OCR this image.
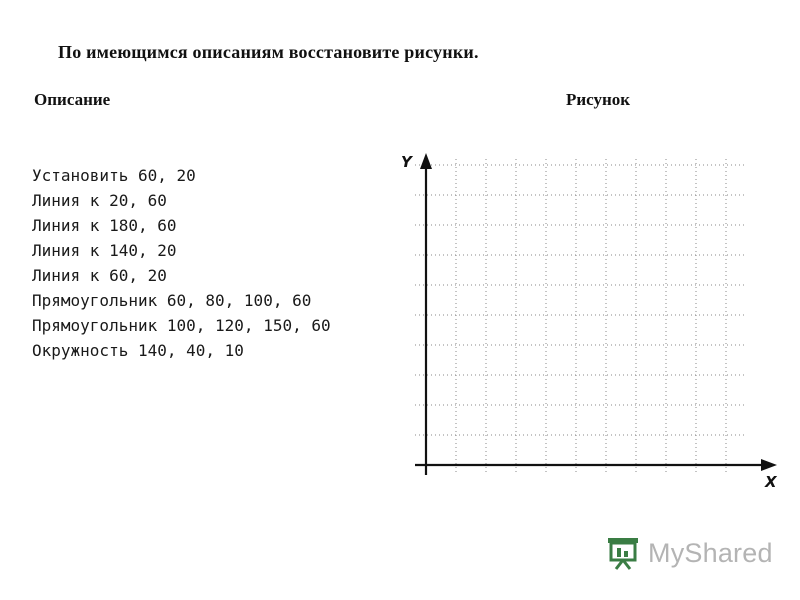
По имеющимся описаниям восстановите рисунки.
Описание	Рисунок
Установить 60, 20
Линия к 20, 60
Линия к 180, 60
Линия к 140, 20
Линия к 60, 20
Прямоугольник 60, 80, 100, 60
Прямоугольник 100, 120, 150, 60
Окружность 140, 40, 10
Y
X
MyShared
